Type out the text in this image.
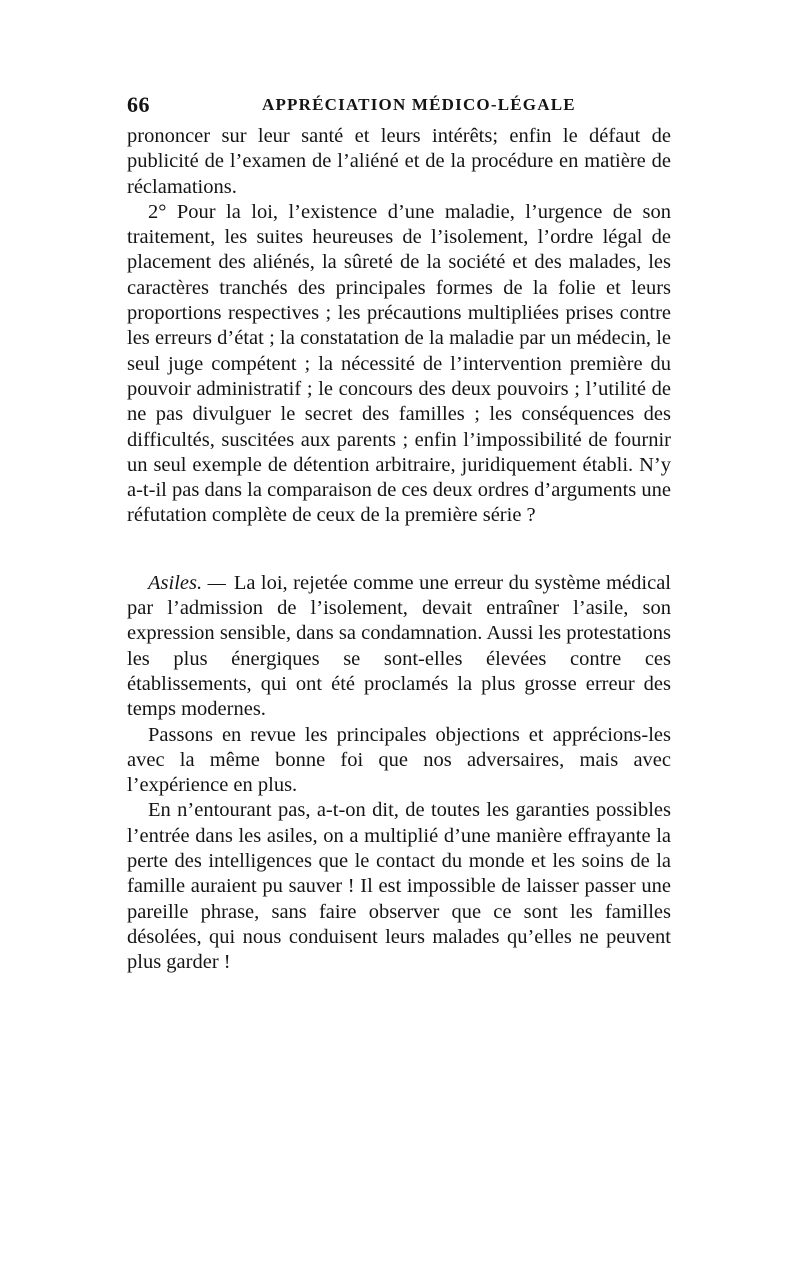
66	APPRÉCIATION MÉDICO-LÉGALE

prononcer sur leur santé et leurs intérêts; enfin le défaut de publicité de l’examen de l’aliéné et de la procédure en matière de réclamations.

2° Pour la loi, l’existence d’une maladie, l’urgence de son traitement, les suites heureuses de l’isolement, l’ordre légal de placement des aliénés, la sûreté de la société et des malades, les caractères tranchés des principales formes de la folie et leurs proportions respectives ; les précautions multipliées prises contre les erreurs d’état ; la constatation de la maladie par un médecin, le seul juge compétent ; la nécessité de l’intervention première du pouvoir administratif ; le concours des deux pouvoirs ; l’utilité de ne pas divulguer le secret des familles ; les conséquences des difficultés, suscitées aux parents ; enfin l’impossibilité de fournir un seul exemple de détention arbitraire, juridiquement établi. N’y a-t-il pas dans la comparaison de ces deux ordres d’arguments une réfutation complète de ceux de la première série ?

Asiles. — La loi, rejetée comme une erreur du système médical par l’admission de l’isolement, devait entraîner l’asile, son expression sensible, dans sa condamnation. Aussi les protestations les plus énergiques se sont-elles élevées contre ces établissements, qui ont été proclamés la plus grosse erreur des temps modernes.

Passons en revue les principales objections et apprécions-les avec la même bonne foi que nos adversaires, mais avec l’expérience en plus.

En n’entourant pas, a-t-on dit, de toutes les garanties possibles l’entrée dans les asiles, on a multiplié d’une manière effrayante la perte des intelligences que le contact du monde et les soins de la famille auraient pu sauver ! Il est impossible de laisser passer une pareille phrase, sans faire observer que ce sont les familles désolées, qui nous conduisent leurs malades qu’elles ne peuvent plus garder !
